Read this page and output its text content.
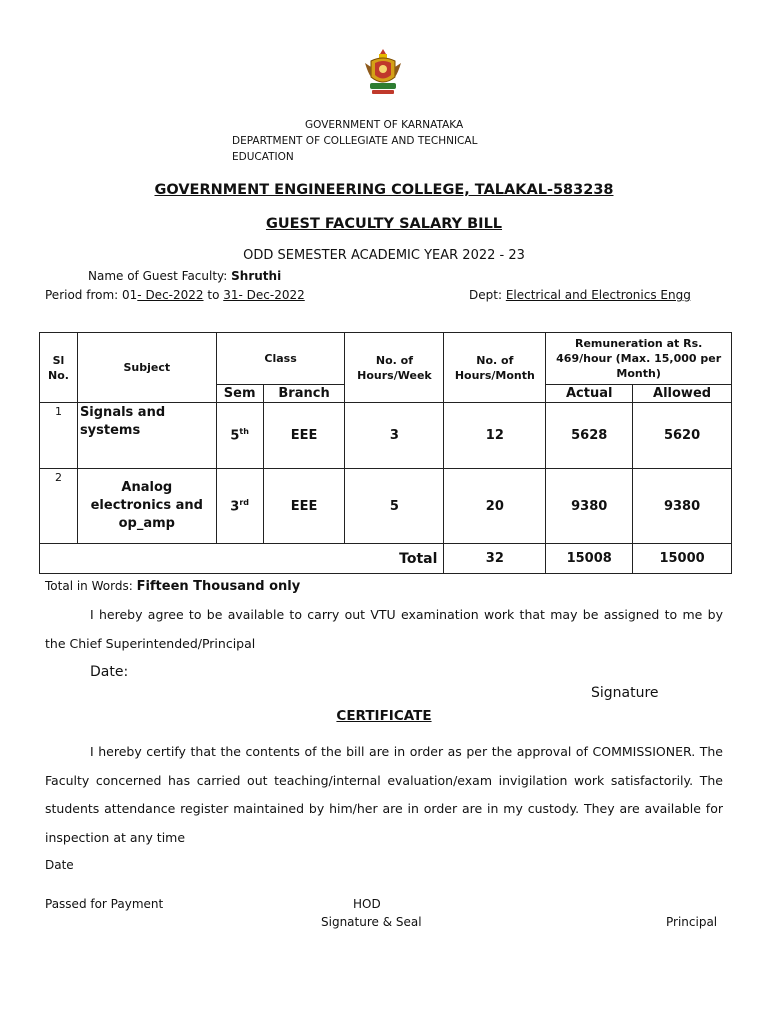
GOVERNMENT OF KARNATAKA
DEPARTMENT OF COLLEGIATE AND TECHNICAL
EDUCATION
GOVERNMENT ENGINEERING COLLEGE, TALAKAL-583238
GUEST FACULTY SALARY BILL
ODD SEMESTER ACADEMIC YEAR 2022 - 23
Name of Guest Faculty: Shruthi
Period from: 01- Dec-2022 to 31- Dec-2022	Dept: Electrical and Electronics Engg
Sl No.	Subject	Class		No. of Hours/Week	No. of Hours/Month	Remuneration at Rs. 469/hour (Max. 15,000 per Month)	
		Sem	Branch			Actual	Allowed
1	Signals and systems	5th	EEE	3	12	5628	5620
2	Analog electronics and op_amp	3rd	EEE	5	20	9380	9380
Total					32	15008	15000
Total in Words: Fifteen Thousand only
I hereby agree to be available to carry out VTU examination work that may be assigned to me by the Chief Superintended/Principal
Date:
Signature
CERTIFICATE
I hereby certify that the contents of the bill are in order as per the approval of COMMISSIONER. The Faculty concerned has carried out teaching/internal evaluation/exam invigilation work satisfactorily. The students attendance register maintained by him/her are in order are in my custody. They are available for inspection at any time
Date
Passed for Payment	HOD
Signature & Seal	Principal
